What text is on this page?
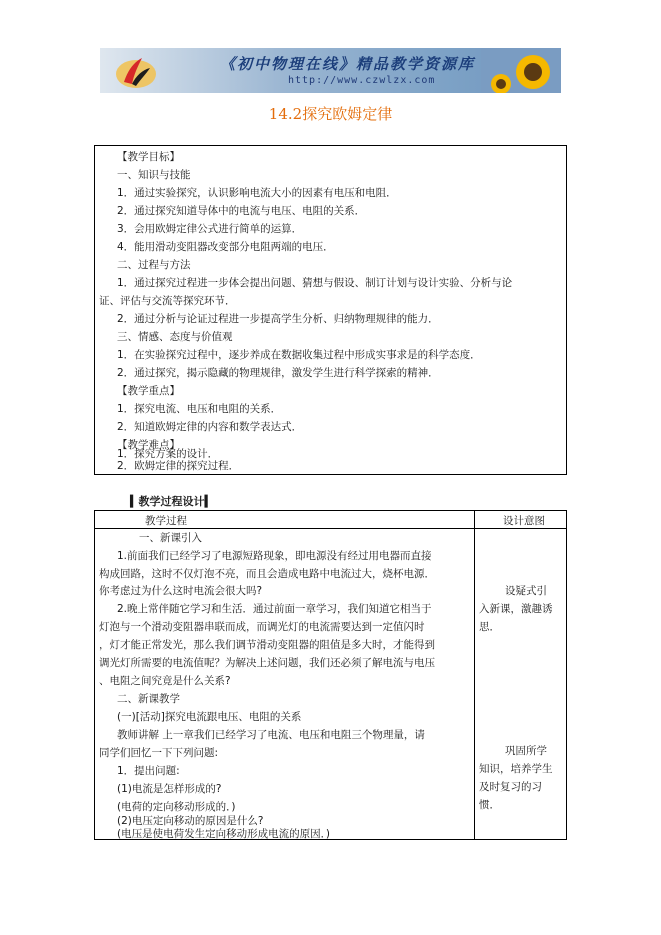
《初中物理在线》精品教学资源库
http://www.czwlzx.com
14.2探究欧姆定律
【教学目标】
一、知识与技能
1．通过实验探究，认识影响电流大小的因素有电压和电阻．
2．通过探究知道导体中的电流与电压、电阻的关系．
3．会用欧姆定律公式进行简单的运算．
4．能用滑动变阻器改变部分电阻两端的电压．
二、过程与方法
1．通过探究过程进一步体会提出问题、猜想与假设、制订计划与设计实验、分析与论
证、评估与交流等探究环节．
2．通过分析与论证过程进一步提高学生分析、归纳物理规律的能力．
三、情感、态度与价值观
1．在实验探究过程中，逐步养成在数据收集过程中形成实事求是的科学态度．
2．通过探究，揭示隐藏的物理规律，激发学生进行科学探索的精神．
【教学重点】
1．探究电流、电压和电阻的关系．
2．知道欧姆定律的内容和数学表达式．
【教学难点】
1．探究方案的设计．
2．欧姆定律的探究过程．
▍教学过程设计▍
教学过程	设计意图
一、新课引入
1.前面我们已经学习了电源短路现象，即电源没有经过用电器而直接
构成回路，这时不仅灯泡不亮，而且会造成电路中电流过大，烧杯电源．
你考虑过为什么这时电流会很大吗?
2.晚上常伴随它学习和生活．通过前面一章学习，我们知道它相当于
灯泡与一个滑动变阻器串联而成，而调光灯的电流需要达到一定值闪时
，灯才能正常发光，那么我们调节滑动变阻器的阻值是多大时，才能得到
调光灯所需要的电流值呢？为解决上述问题，我们还必须了解电流与电压
、电阻之间究竟是什么关系?
二、新课教学
(一)[活动]探究电流跟电压、电阻的关系
教师讲解 上一章我们已经学习了电流、电压和电阻三个物理量，请
同学们回忆一下下列问题:
1．提出问题:
(1)电流是怎样形成的?
(电荷的定向移动形成的．)
(2)电压定向移动的原因是什么?
(电压是使电荷发生定向移动形成电流的原因．)
设疑式引
入新课，激趣诱
思．
巩固所学
知识，培养学生
及时复习的习
惯．
